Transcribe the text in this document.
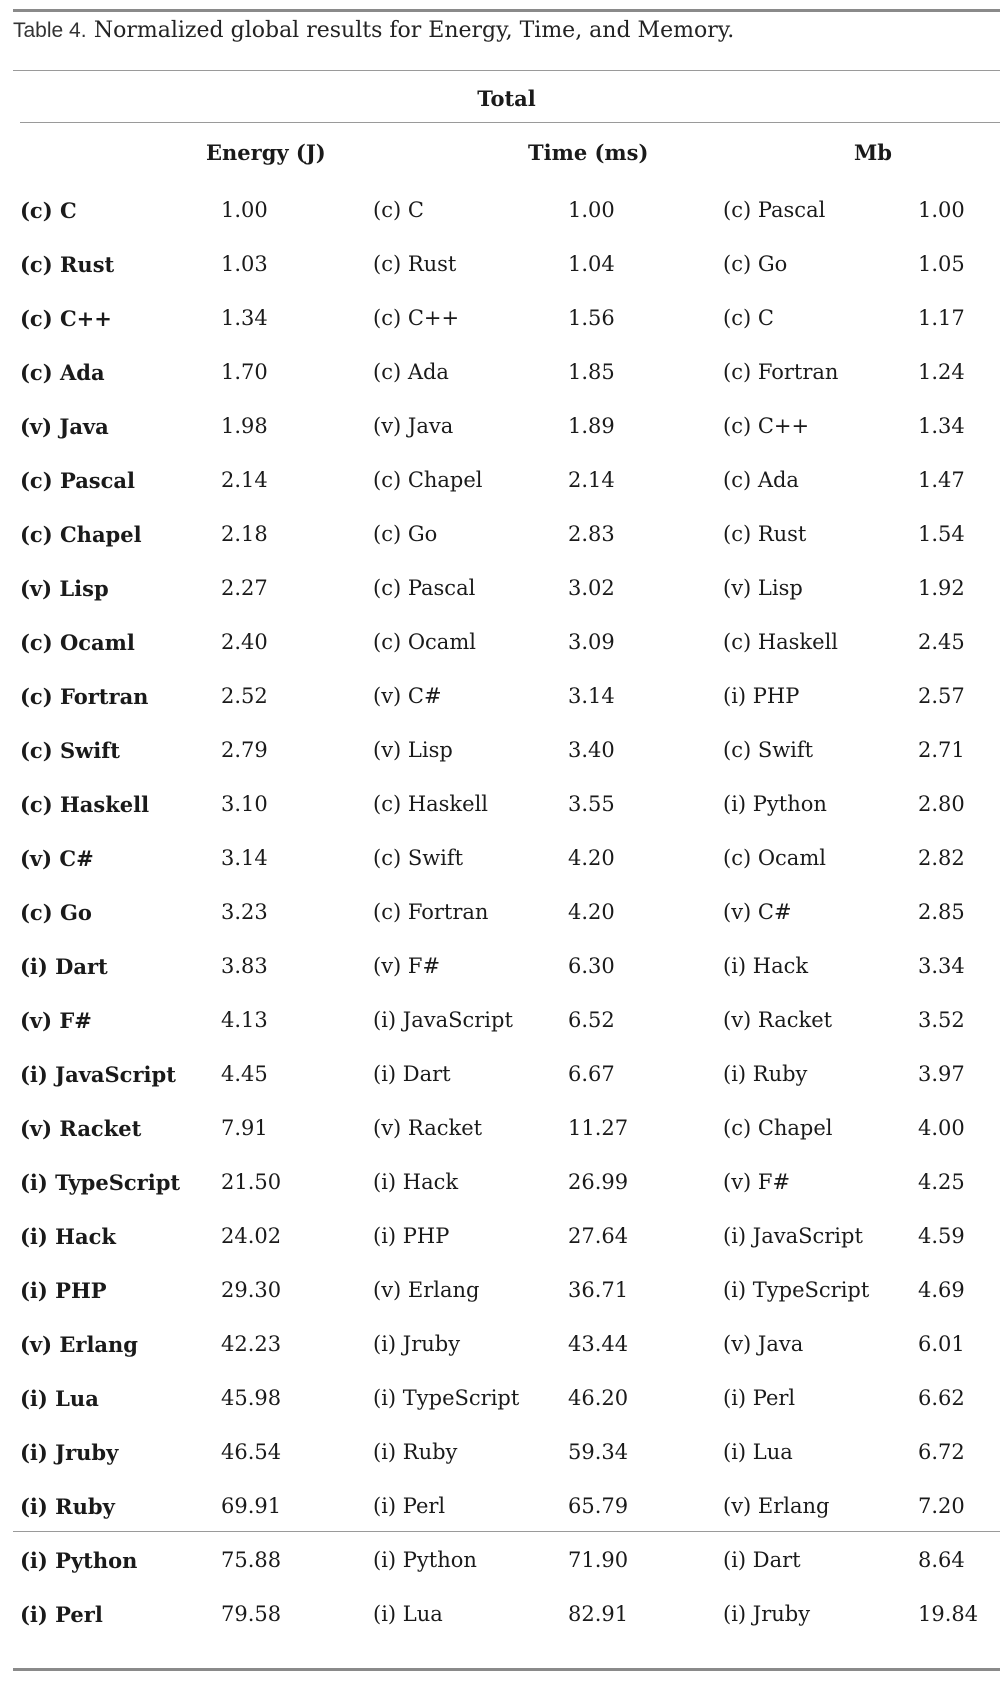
Table 4. Normalized global results for Energy, Time, and Memory.
Total
Energy (J)	Time (ms)	Mb
(c) C	1.00	(c) C	1.00	(c) Pascal	1.00
(c) Rust	1.03	(c) Rust	1.04	(c) Go	1.05
(c) C++	1.34	(c) C++	1.56	(c) C	1.17
(c) Ada	1.70	(c) Ada	1.85	(c) Fortran	1.24
(v) Java	1.98	(v) Java	1.89	(c) C++	1.34
(c) Pascal	2.14	(c) Chapel	2.14	(c) Ada	1.47
(c) Chapel	2.18	(c) Go	2.83	(c) Rust	1.54
(v) Lisp	2.27	(c) Pascal	3.02	(v) Lisp	1.92
(c) Ocaml	2.40	(c) Ocaml	3.09	(c) Haskell	2.45
(c) Fortran	2.52	(v) C#	3.14	(i) PHP	2.57
(c) Swift	2.79	(v) Lisp	3.40	(c) Swift	2.71
(c) Haskell	3.10	(c) Haskell	3.55	(i) Python	2.80
(v) C#	3.14	(c) Swift	4.20	(c) Ocaml	2.82
(c) Go	3.23	(c) Fortran	4.20	(v) C#	2.85
(i) Dart	3.83	(v) F#	6.30	(i) Hack	3.34
(v) F#	4.13	(i) JavaScript	6.52	(v) Racket	3.52
(i) JavaScript	4.45	(i) Dart	6.67	(i) Ruby	3.97
(v) Racket	7.91	(v) Racket	11.27	(c) Chapel	4.00
(i) TypeScript	21.50	(i) Hack	26.99	(v) F#	4.25
(i) Hack	24.02	(i) PHP	27.64	(i) JavaScript	4.59
(i) PHP	29.30	(v) Erlang	36.71	(i) TypeScript	4.69
(v) Erlang	42.23	(i) Jruby	43.44	(v) Java	6.01
(i) Lua	45.98	(i) TypeScript	46.20	(i) Perl	6.62
(i) Jruby	46.54	(i) Ruby	59.34	(i) Lua	6.72
(i) Ruby	69.91	(i) Perl	65.79	(v) Erlang	7.20
(i) Python	75.88	(i) Python	71.90	(i) Dart	8.64
(i) Perl	79.58	(i) Lua	82.91	(i) Jruby	19.84
